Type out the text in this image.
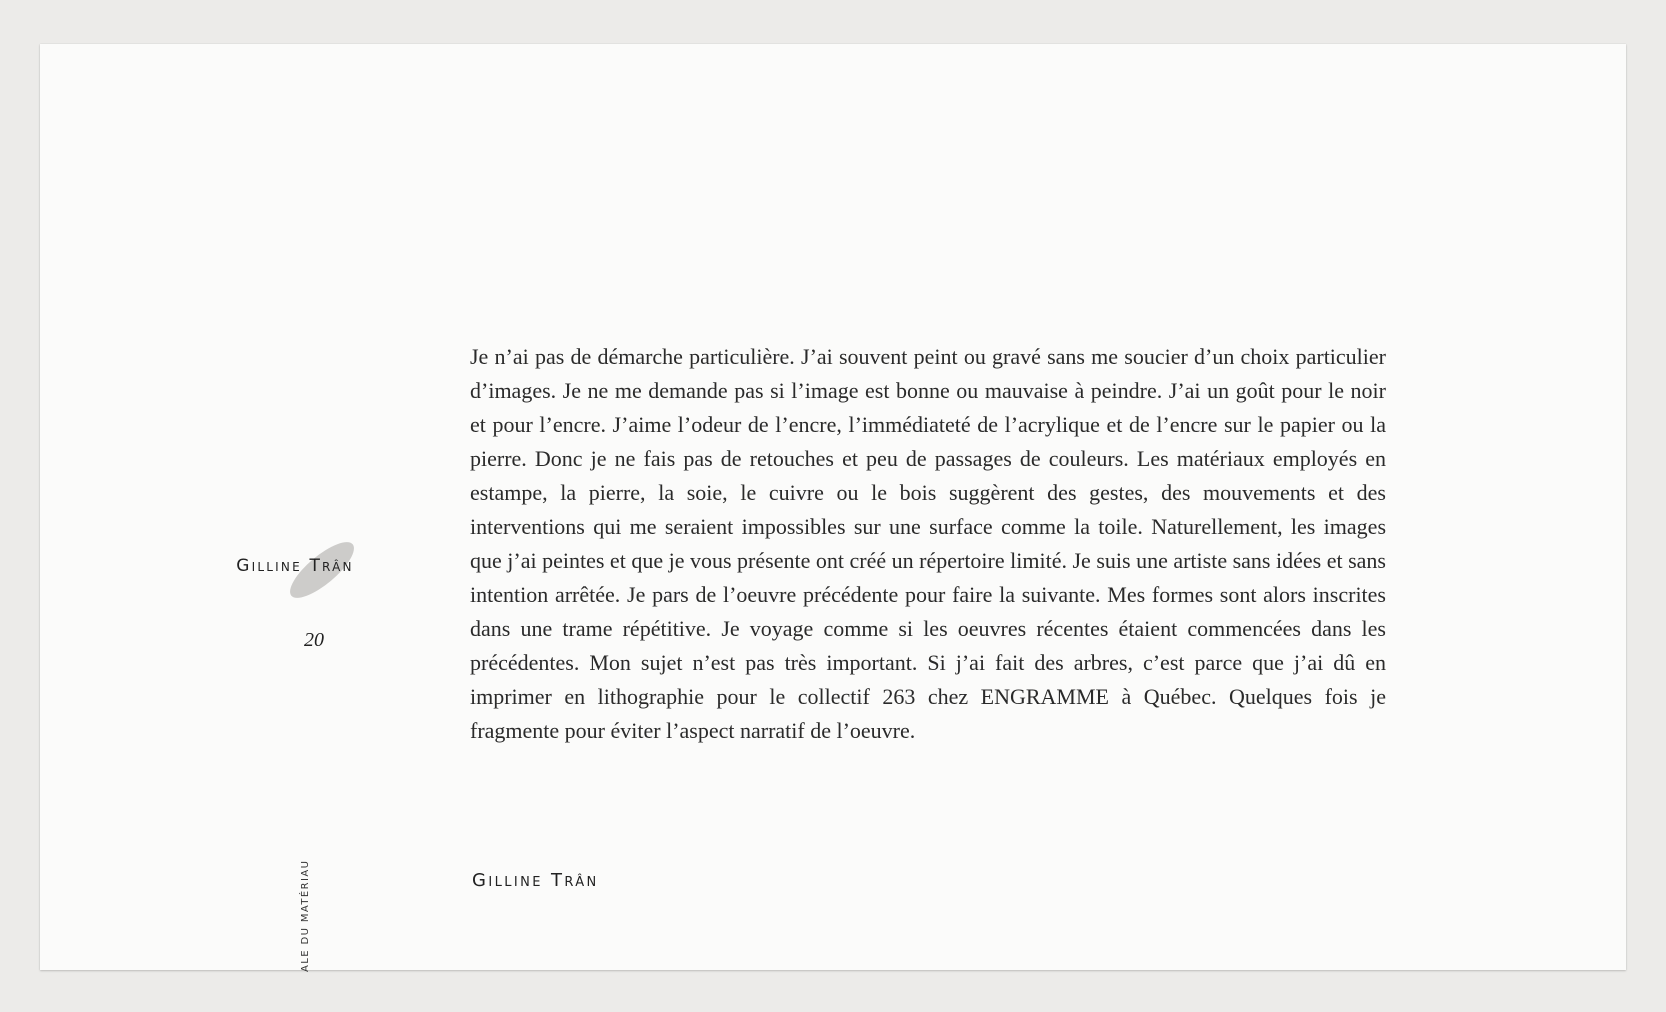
Gilline Trân
20

Je n’ai pas de démarche particulière. J’ai souvent peint ou gravé sans me soucier d’un choix particulier d’images. Je ne me demande pas si l’image est bonne ou mauvaise à peindre. J’ai un goût pour le noir et pour l’encre. J’aime l’odeur de l’encre, l’immédiateté de l’acrylique et de l’encre sur le papier ou la pierre. Donc je ne fais pas de retouches et peu de passages de couleurs. Les matériaux employés en estampe, la pierre, la soie, le cuivre ou le bois suggèrent des gestes, des mouvements et des interventions qui me seraient impossibles sur une surface comme la toile. Naturellement, les images que j’ai peintes et que je vous présente ont créé un répertoire limité. Je suis une artiste sans idées et sans intention arrêtée. Je pars de l’oeuvre précédente pour faire la suivante. Mes formes sont alors inscrites dans une trame répétitive. Je voyage comme si les oeuvres récentes étaient commencées dans les précédentes. Mon sujet n’est pas très important. Si j’ai fait des arbres, c’est parce que j’ai dû en imprimer en lithographie pour le collectif 263 chez ENGRAMME à Québec. Quelques fois je fragmente pour éviter l’aspect narratif de l’oeuvre.

Gilline Trân
ALE DU MATÉRIAU
